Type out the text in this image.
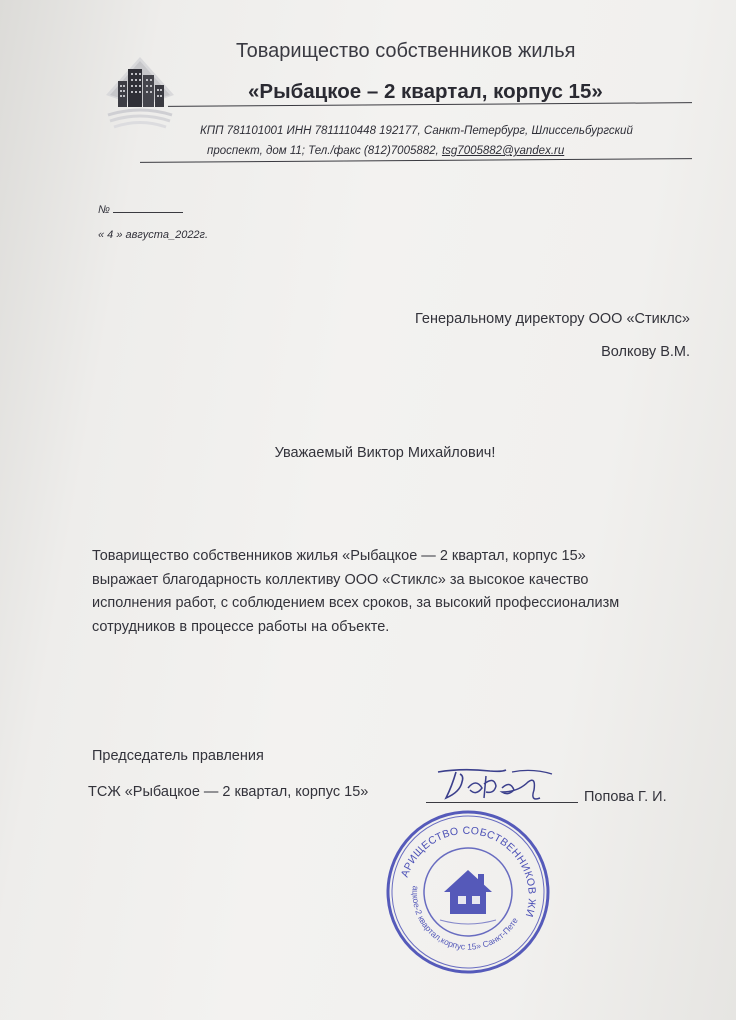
Товарищество собственников жилья
«Рыбацкое – 2 квартал, корпус 15»
КПП 781101001 ИНН 7811110448 192177, Санкт-Петербург, Шлиссельбургский
проспект, дом 11; Тел./факс (812)7005882, tsg7005882@yandex.ru
№
« 4 » августа_2022г.
Генеральному директору ООО «Стиклс»
Волкову В.М.
Уважаемый Виктор Михайлович!
Товарищество собственников жилья «Рыбацкое — 2 квартал, корпус 15»
выражает благодарность коллективу ООО «Стиклс» за высокое качество
исполнения работ, с соблюдением всех сроков, за высокий профессионализм
сотрудников в процессе работы на объекте.
Председатель правления
ТСЖ «Рыбацкое — 2 квартал, корпус 15»	Попова Г. И.
ТОВАРИЩЕСТВО СОБСТВЕННИКОВ ЖИЛЬЯ
«Рыбацкое-2 квартал,корпус 15» Санкт-Петербург
